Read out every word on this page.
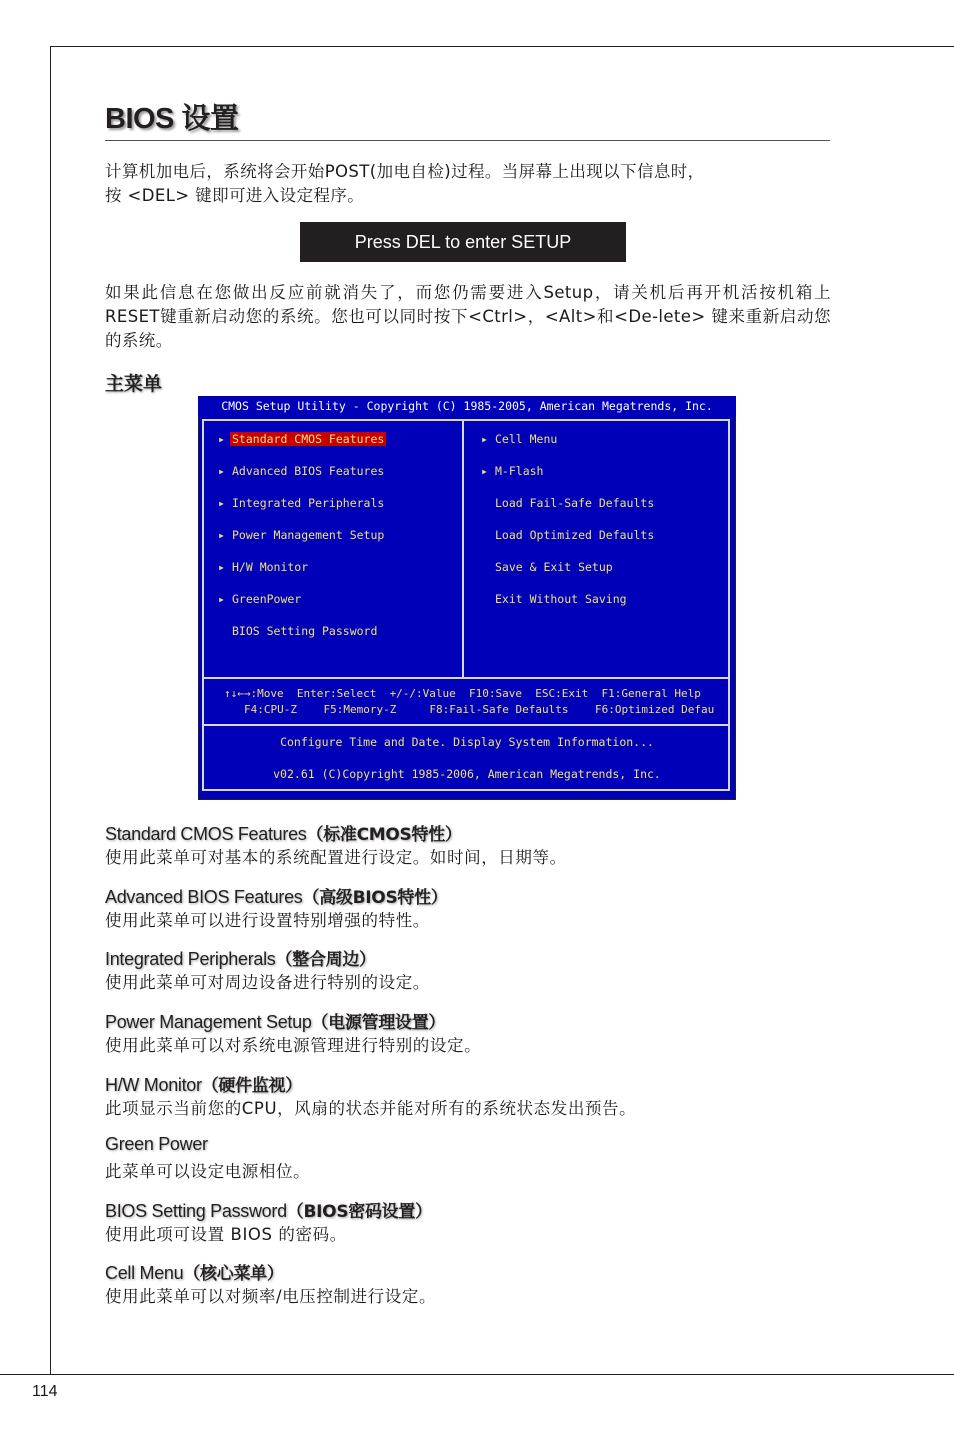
BIOS 设置
计算机加电后，系统将会开始POST(加电自检)过程。当屏幕上出现以下信息时，
按 <DEL> 键即可进入设定程序。
Press DEL to enter SETUP
如果此信息在您做出反应前就消失了，而您仍需要进入Setup，请关机后再开机活按机箱上RESET键重新启动您的系统。您也可以同时按下<Ctrl>，<Alt>和<De-lete> 键来重新启动您的系统。
主菜单
CMOS Setup Utility - Copyright (C) 1985-2005, American Megatrends, Inc.
▸ Standard CMOS Features
▸ Advanced BIOS Features
▸ Integrated Peripherals
▸ Power Management Setup
▸ H/W Monitor
▸ GreenPower
BIOS Setting Password
▸ Cell Menu
▸ M-Flash
Load Fail-Safe Defaults
Load Optimized Defaults
Save & Exit Setup
Exit Without Saving
↑↓←→:Move  Enter:Select  +/-/:Value  F10:Save  ESC:Exit  F1:General Help
F4:CPU-Z    F5:Memory-Z     F8:Fail-Safe Defaults    F6:Optimized Defau
Configure Time and Date. Display System Information...
v02.61 (C)Copyright 1985-2006, American Megatrends, Inc.
Standard CMOS Features（标准CMOS特性）
使用此菜单可对基本的系统配置进行设定。如时间，日期等。
Advanced BIOS Features（高级BIOS特性）
使用此菜单可以进行设置特别增强的特性。
Integrated Peripherals（整合周边）
使用此菜单可对周边设备进行特别的设定。
Power Management Setup（电源管理设置）
使用此菜单可以对系统电源管理进行特别的设定。
H/W Monitor（硬件监视）
此项显示当前您的CPU，风扇的状态并能对所有的系统状态发出预告。
Green Power
此菜单可以设定电源相位。
BIOS Setting Password（BIOS密码设置）
使用此项可设置 BIOS 的密码。
Cell Menu（核心菜单）
使用此菜单可以对频率/电压控制进行设定。
114
